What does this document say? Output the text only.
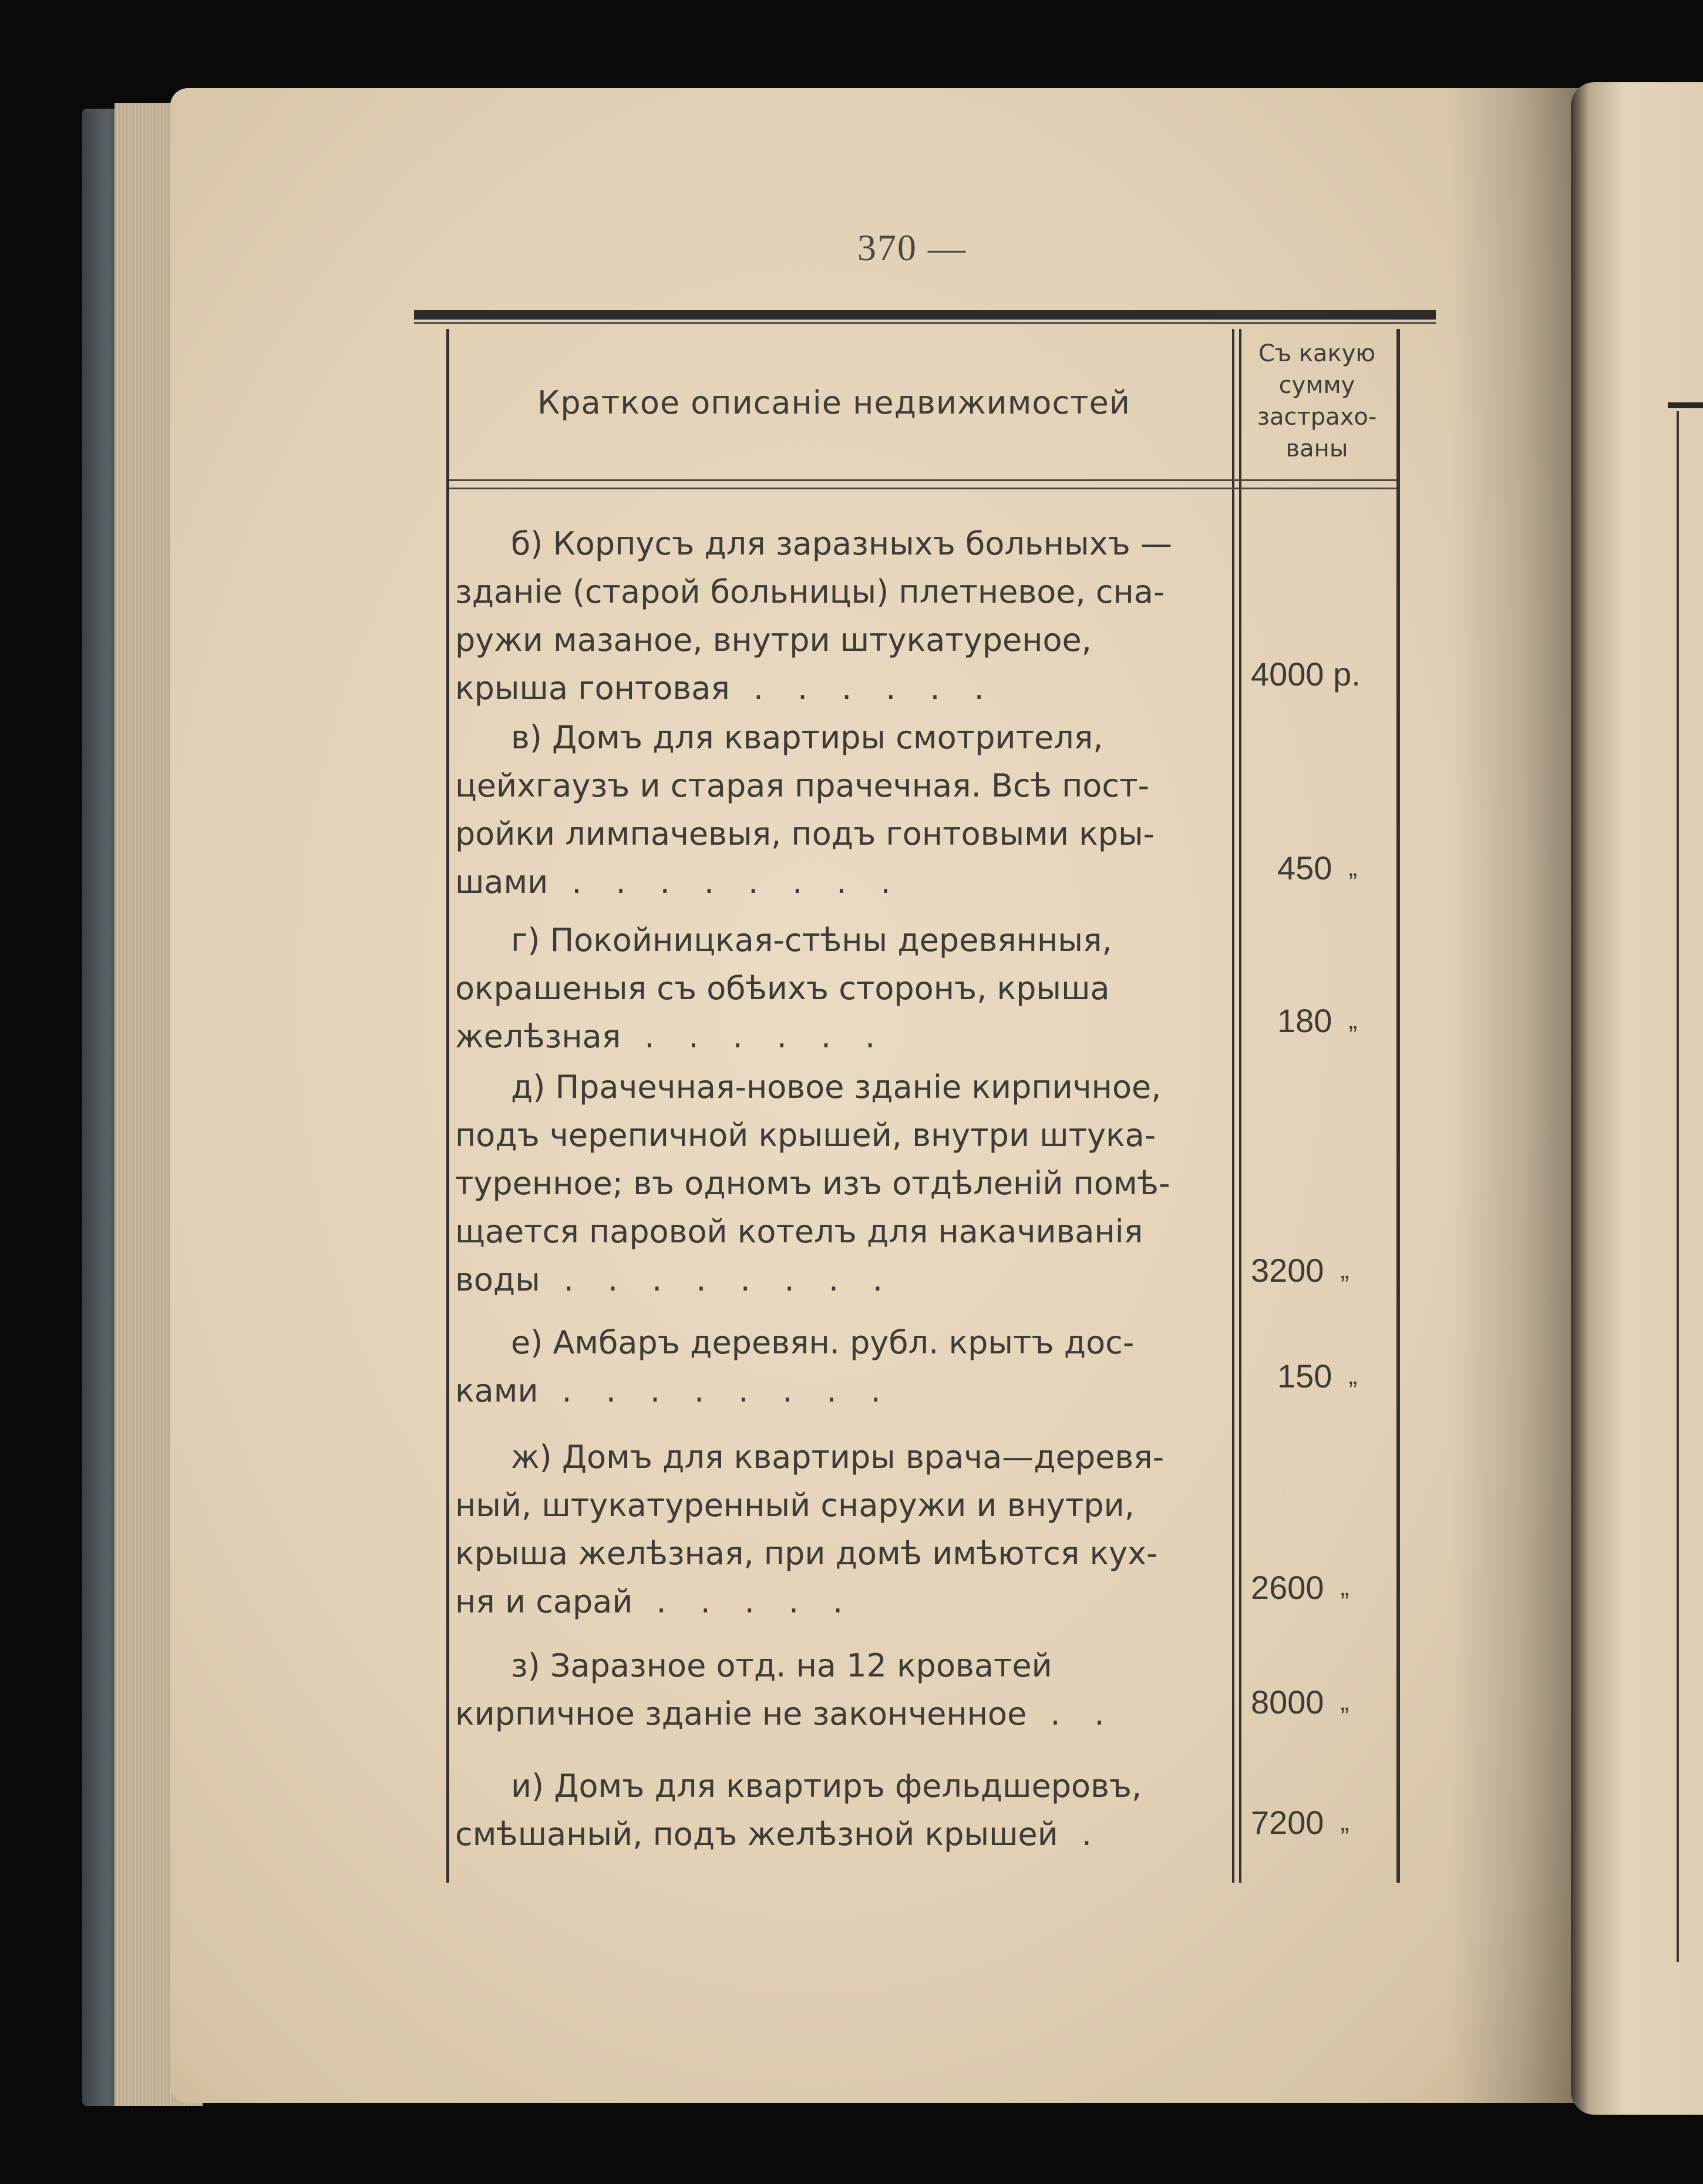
370 —
Краткое описанiе недвижимостей
Съ какую
сумму
застрахо-
ваны
б) Корпусъ для заразныхъ больныхъ —
зданiе (старой больницы) плетневое, сна-
ружи мазаное, внутри штукатуреное,
крыша гонтовая ......	4000 р.
в) Домъ для квартиры смотрителя,
цейхгаузъ и старая прачечная. Всѣ пост-
ройки лимпачевыя, подъ гонтовыми кры-
шами ........	450 „
г) Покойницкая-стѣны деревянныя,
окрашеныя съ обѣихъ сторонъ, крыша
желѣзная ......	180 „
д) Прачечная-новое зданiе кирпичное,
подъ черепичной крышей, внутри штука-
туренное; въ одномъ изъ отдѣленiй помѣ-
щается паровой котелъ для накачиванiя
воды ........	3200 „
е) Амбаръ деревян. рубл. крытъ дос-
ками ........	150 „
ж) Домъ для квартиры врача—деревя-
ный, штукатуренный снаружи и внутри,
крыша желѣзная, при домѣ имѣются кух-
ня и сарай .....	2600 „
з) Заразное отд. на 12 кроватей
кирпичное зданiе не законченное ..	8000 „
и) Домъ для квартиръ фельдшеровъ,
смѣшаный, подъ желѣзной крышей .	7200 „
